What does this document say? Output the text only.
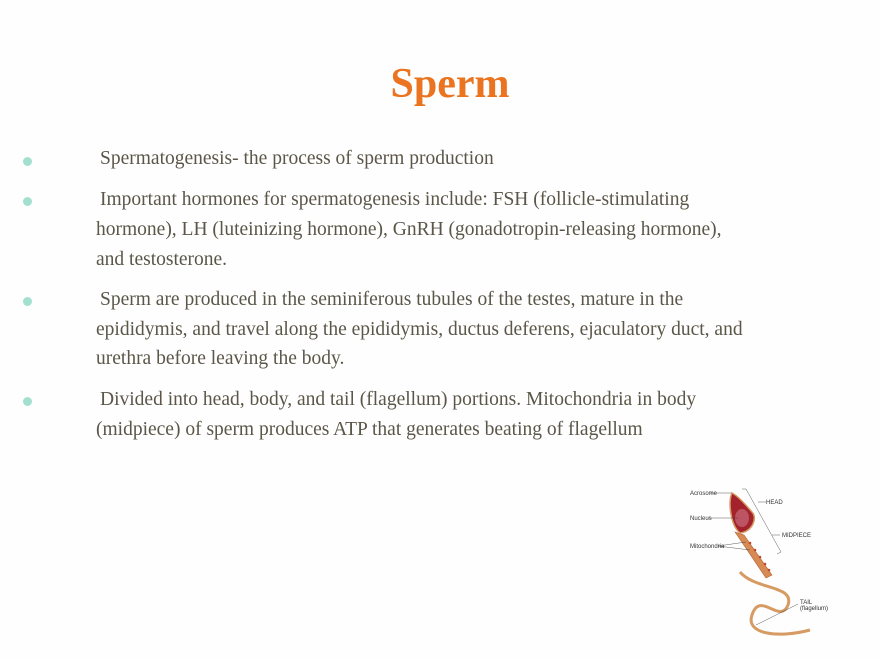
Sperm
Spermatogenesis- the process of sperm production
Important hormones for spermatogenesis include: FSH (follicle-stimulating
hormone), LH (luteinizing hormone), GnRH (gonadotropin-releasing hormone),
and testosterone.
Sperm are produced in the seminiferous tubules of the testes, mature in the
epididymis, and travel along the epididymis, ductus deferens, ejaculatory duct, and
urethra before leaving the body.
Divided into head, body, and tail (flagellum) portions. Mitochondria in body
(midpiece) of sperm produces ATP that generates beating of flagellum
Acrosome
Nucleus
Mitochondria
HEAD
MIDPIECE
TAIL
(flagellum)
